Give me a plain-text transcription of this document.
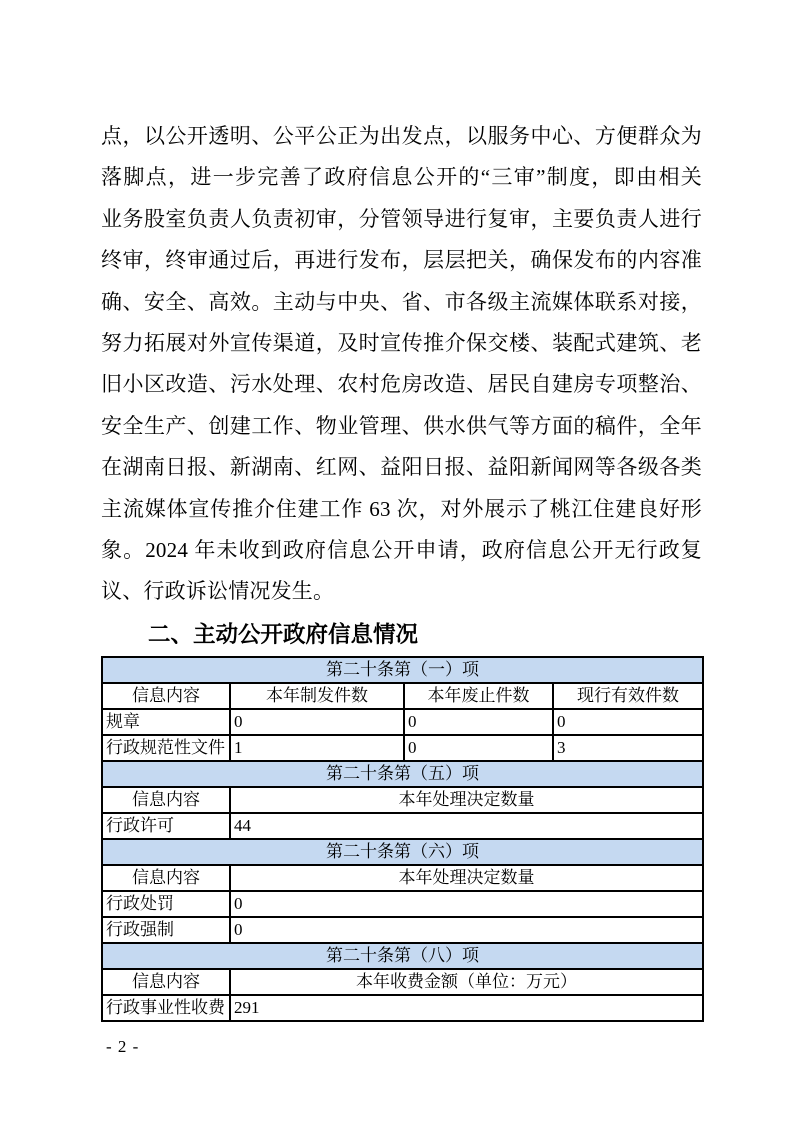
点，以公开透明、公平公正为出发点，以服务中心、方便群众为
落脚点，进一步完善了政府信息公开的“三审”制度，即由相关
业务股室负责人负责初审，分管领导进行复审，主要负责人进行
终审，终审通过后，再进行发布，层层把关，确保发布的内容准
确、安全、高效。主动与中央、省、市各级主流媒体联系对接，
努力拓展对外宣传渠道，及时宣传推介保交楼、装配式建筑、老
旧小区改造、污水处理、农村危房改造、居民自建房专项整治、
安全生产、创建工作、物业管理、供水供气等方面的稿件，全年
在湖南日报、新湖南、红网、益阳日报、益阳新闻网等各级各类
主流媒体宣传推介住建工作 63 次，对外展示了桃江住建良好形
象。2024 年未收到政府信息公开申请，政府信息公开无行政复
议、行政诉讼情况发生。
二、主动公开政府信息情况
第二十条第（一）项			
信息内容	本年制发件数	本年废止件数	现行有效件数
规章	0	0	0
行政规范性文件	1	0	3
第二十条第（五）项			
信息内容	本年处理决定数量		
行政许可	44		
第二十条第（六）项			
信息内容	本年处理决定数量		
行政处罚	0		
行政强制	0		
第二十条第（八）项			
信息内容	本年收费金额（单位：万元）		
行政事业性收费	291		
- 2 -
